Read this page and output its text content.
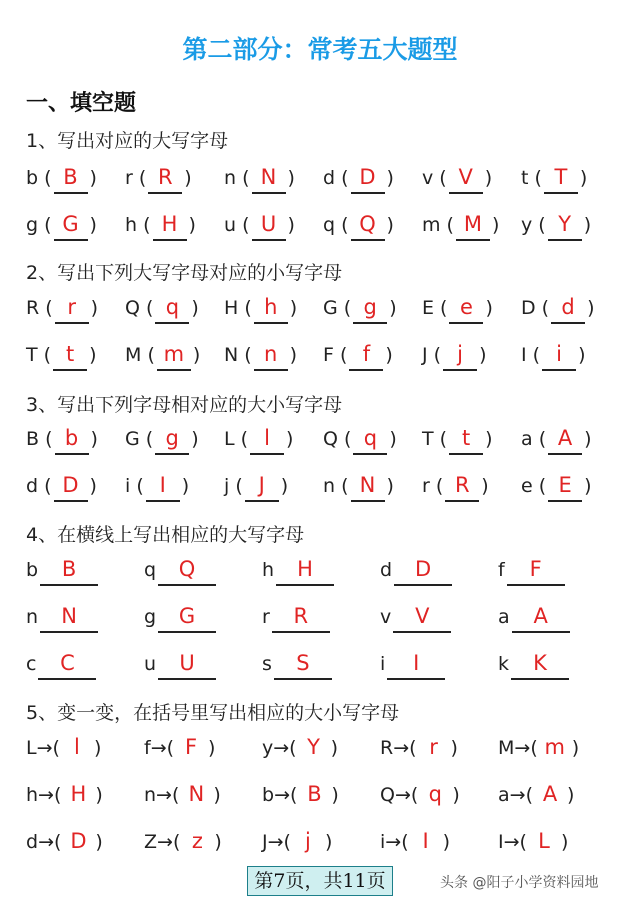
第二部分：常考五大题型
一、填空题
1、写出对应的大写字母
b ( B ) r ( R ) n ( N ) d ( D ) v ( V ) t ( T )
g ( G ) h ( H ) u ( U ) q ( Q ) m ( M ) y ( Y )
2、写出下列大写字母对应的小写字母
R ( r ) Q ( q ) H ( h ) G ( g ) E ( e ) D ( d )
T ( t ) M ( m ) N ( n ) F ( f ) J ( j ) I ( i )
3、写出下列字母相对应的大小写字母
B ( b ) G ( g ) L ( l ) Q ( q ) T ( t ) a ( A )
d ( D ) i ( I ) j ( J ) n ( N ) r ( R ) e ( E )
4、在横线上写出相应的大写字母
b B	q Q	h H	d D	f F
n N	g G	r R	v V	a A
c C	u U	s S	i I	k K
5、变一变，在括号里写出相应的大小写字母
L→( l ) f→( F ) y→( Y ) R→( r ) M→( m )
h→( H ) n→( N ) b→( B ) Q→( q ) a→( A )
d→( D ) Z→( z ) J→( j )	i→( I )	I→( L )
第7页，共11页	头条 @阳子小学资料园地
